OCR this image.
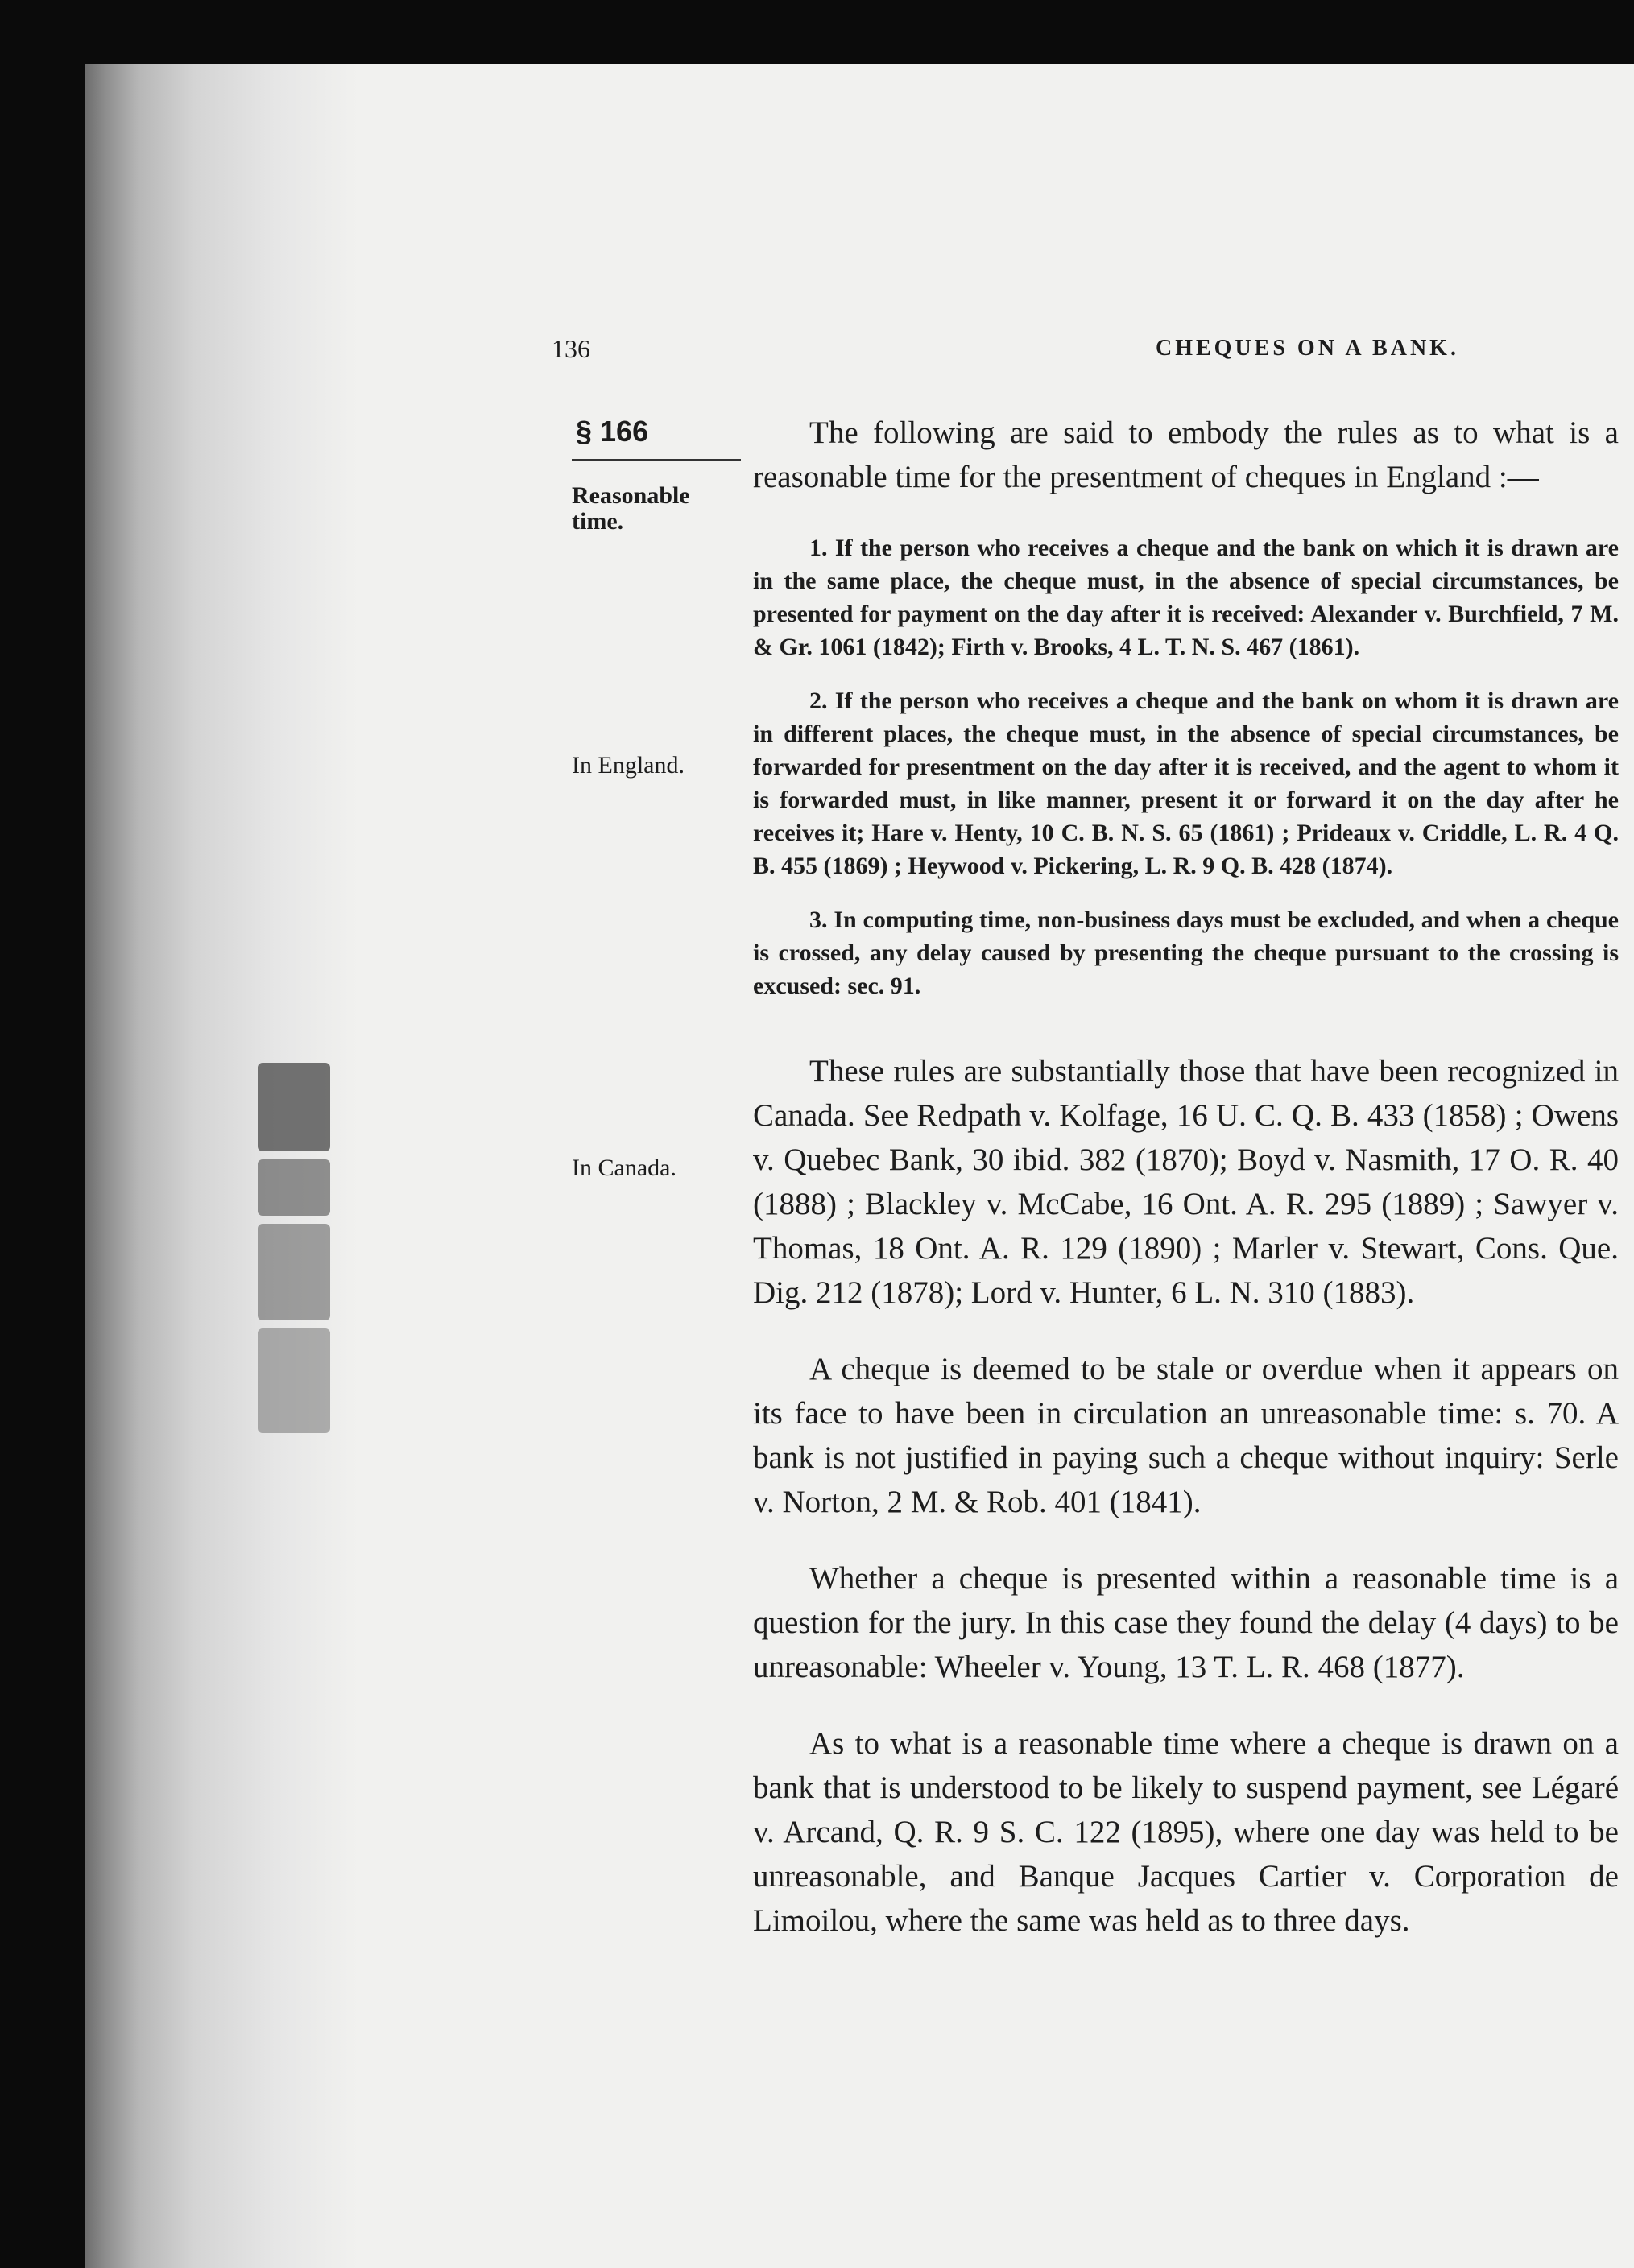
136	CHEQUES ON A BANK.
§ 166
Reasonable time.
In England.
In Canada.

The following are said to embody the rules as to what is a reasonable time for the presentment of cheques in England :—

1. If the person who receives a cheque and the bank on which it is drawn are in the same place, the cheque must, in the absence of special circumstances, be presented for payment on the day after it is received: Alexander v. Burchfield, 7 M. & Gr. 1061 (1842); Firth v. Brooks, 4 L. T. N. S. 467 (1861).

2. If the person who receives a cheque and the bank on whom it is drawn are in different places, the cheque must, in the absence of special circumstances, be forwarded for presentment on the day after it is received, and the agent to whom it is forwarded must, in like manner, present it or forward it on the day after he receives it; Hare v. Henty, 10 C. B. N. S. 65 (1861) ; Prideaux v. Criddle, L. R. 4 Q. B. 455 (1869) ; Heywood v. Pickering, L. R. 9 Q. B. 428 (1874).

3. In computing time, non-business days must be excluded, and when a cheque is crossed, any delay caused by presenting the cheque pursuant to the crossing is excused: sec. 91.

These rules are substantially those that have been recognized in Canada. See Redpath v. Kolfage, 16 U. C. Q. B. 433 (1858) ; Owens v. Quebec Bank, 30 ibid. 382 (1870); Boyd v. Nasmith, 17 O. R. 40 (1888) ; Blackley v. McCabe, 16 Ont. A. R. 295 (1889) ; Sawyer v. Thomas, 18 Ont. A. R. 129 (1890) ; Marler v. Stewart, Cons. Que. Dig. 212 (1878); Lord v. Hunter, 6 L. N. 310 (1883).

A cheque is deemed to be stale or overdue when it appears on its face to have been in circulation an unreasonable time: s. 70. A bank is not justified in paying such a cheque without inquiry: Serle v. Norton, 2 M. & Rob. 401 (1841).

Whether a cheque is presented within a reasonable time is a question for the jury. In this case they found the delay (4 days) to be unreasonable: Wheeler v. Young, 13 T. L. R. 468 (1877).

As to what is a reasonable time where a cheque is drawn on a bank that is understood to be likely to suspend payment, see Légaré v. Arcand, Q. R. 9 S. C. 122 (1895), where one day was held to be unreasonable, and Banque Jacques Cartier v. Corporation de Limoilou, where the same was held as to three days.
